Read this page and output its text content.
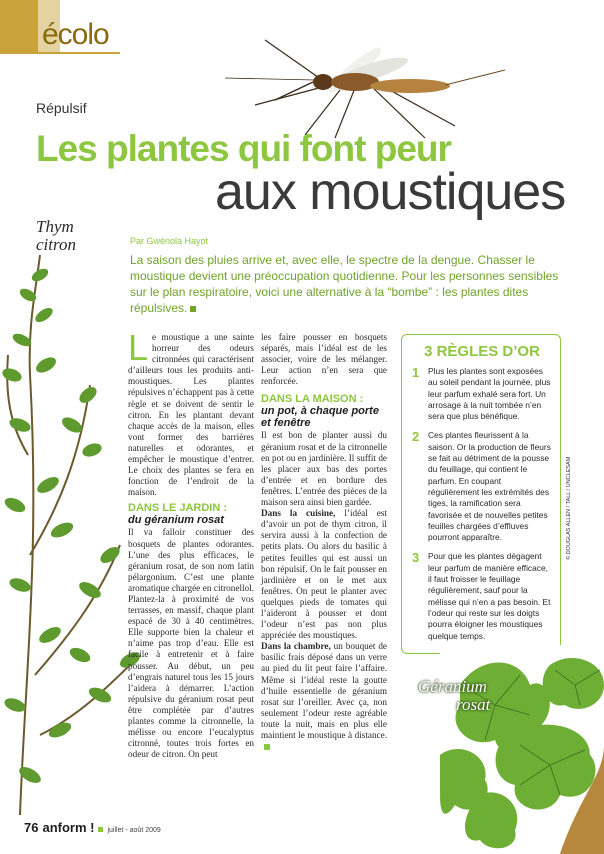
écolo
Répulsif
Les plantes qui font peur
aux moustiques
Thym
citron	Par Gwénola Hayot
La saison des pluies arrive et, avec elle, le spectre de la dengue. Chasser le moustique devient une préoccupation quotidienne. Pour les personnes sensibles sur le plan respiratoire, voici une alternative à la “bombe” : les plantes dites répulsives.

Le moustique a une sainte horreur des odeurs citronnées qui caractérisent d’ailleurs tous les produits anti-moustiques. Les plantes répulsives n’échappent pas à cette règle et se doivent de sentir le citron. En les plantant devant chaque accès de la maison, elles vont former des barrières naturelles et odorantes, et empêcher le moustique d’entrer. Le choix des plantes se fera en fonction de l’endroit de la maison.

DANS LE JARDIN :
du géranium rosat

Il va falloir constituer des bosquets de plantes odorantes. L’une des plus efficaces, le géranium rosat, de son nom latin pélargonium. C’est une plante aromatique chargée en citronellol. Plantez-la à proximité de vos terrasses, en massif, chaque plant espacé de 30 à 40 centimètres. Elle supporte bien la chaleur et n’aime pas trop d’eau. Elle est facile à entretenir et à faire pousser. Au début, un peu d’engrais naturel tous les 15 jours l’aidera à démarrer. L’action répulsive du géranium rosat peut être complétée par d’autres plantes comme la citronnelle, la mélisse ou encore l’eucalyptus citronné, toutes trois fortes en odeur de citron. On peut

les faire pousser en bosquets séparés, mais l’idéal est de les associer, voire de les mélanger. Leur action n’en sera que renforcée.

DANS LA MAISON :
un pot, à chaque porte et fenêtre

Il est bon de planter aussi du géranium rosat et de la citronnelle en pot ou en jardinière. Il suffit de les placer aux bas des portes d’entrée et en bordure des fenêtres. L’entrée des pièces de la maison sera ainsi bien gardée.

Dans la cuisine, l’idéal est d’avoir un pot de thym citron, il servira aussi à la confection de petits plats. Ou alors du basilic à petites feuilles qui est aussi un bon répulsif. On le fait pousser en jardinière et on le met aux fenêtres. On peut le planter avec quelques pieds de tomates qui l’aideront à pousser et dont l’odeur n’est pas non plus appréciée des moustiques.

Dans la chambre, un bouquet de basilic frais déposé dans un verre au pied du lit peut faire l’affaire. Même si l’idéal reste la goutte d’huile essentielle de géranium rosat sur l’oreiller. Avec ça, non seulement l’odeur reste agréable toute la nuit, mais en plus elle maintient le moustique à distance.

3 RÈGLES D’OR
1	Plus les plantes sont exposées au soleil pendant la journée, plus leur parfum exhalé sera fort. Un arrosage à la nuit tombée n’en sera que plus bénéfique.
2	Ces plantes fleurissent à la saison. Or la production de fleurs se fait au détriment de la pousse du feuillage, qui contient le parfum. En coupant régulièrement les extrémités des tiges, la ramification sera favorisée et de nouvelles petites feuilles chargées d’effluves pourront apparaître.
3	Pour que les plantes dégagent leur parfum de manière efficace, il faut froisser le feuillage régulièrement, sauf pour la mélisse qui n’en a pas besoin. Et l’odeur qui reste sur les doigts pourra éloigner les moustiques quelque temps.
© DOUGLAS ALLEN / TALL / UNCLESAM
Géranium
rosat
76 anform ! juillet - août 2009
